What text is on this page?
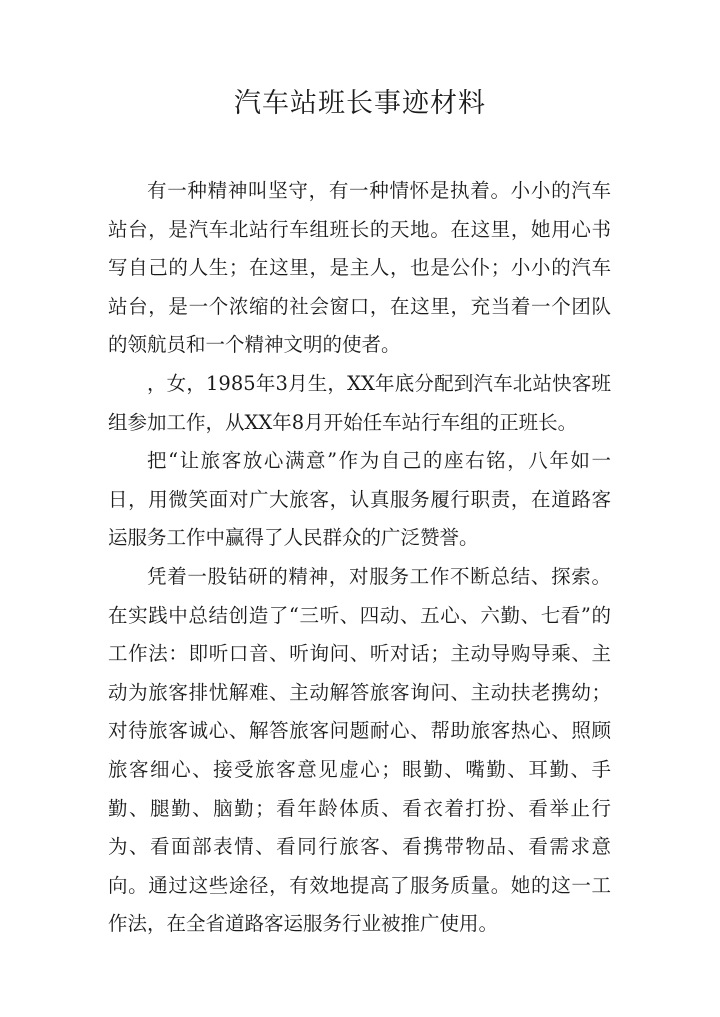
汽车站班长事迹材料

有一种精神叫坚守，有一种情怀是执着。小小的汽车站台，是汽车北站行车组班长的天地。在这里，她用心书写自己的人生；在这里，是主人，也是公仆；小小的汽车站台，是一个浓缩的社会窗口，在这里，充当着一个团队的领航员和一个精神文明的使者。

，女，1985年3月生，XX年底分配到汽车北站快客班组参加工作，从XX年8月开始任车站行车组的正班长。

把“让旅客放心满意”作为自己的座右铭，八年如一日，用微笑面对广大旅客，认真服务履行职责，在道路客运服务工作中赢得了人民群众的广泛赞誉。

凭着一股钻研的精神，对服务工作不断总结、探索。在实践中总结创造了“三听、四动、五心、六勤、七看”的工作法：即听口音、听询问、听对话；主动导购导乘、主动为旅客排忧解难、主动解答旅客询问、主动扶老携幼；对待旅客诚心、解答旅客问题耐心、帮助旅客热心、照顾旅客细心、接受旅客意见虚心；眼勤、嘴勤、耳勤、手勤、腿勤、脑勤；看年龄体质、看衣着打扮、看举止行为、看面部表情、看同行旅客、看携带物品、看需求意向。通过这些途径，有效地提高了服务质量。她的这一工作法，在全省道路客运服务行业被推广使用。
